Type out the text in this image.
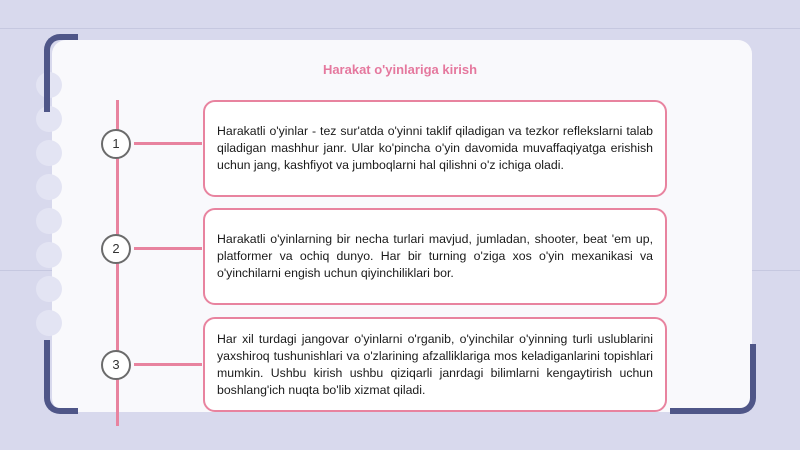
Harakat o'yinlariga kirish
1
2
3

Harakatli o'yinlar - tez sur'atda o'yinni taklif qiladigan va tezkor reflekslarni talab qiladigan mashhur janr. Ular ko'pincha o'yin davomida muvaffaqiyatga erishish uchun jang, kashfiyot va jumboqlarni hal qilishni o'z ichiga oladi.

Harakatli o'yinlarning bir necha turlari mavjud, jumladan, shooter, beat 'em up, platformer va ochiq dunyo. Har bir turning o'ziga xos o'yin mexanikasi va o'yinchilarni engish uchun qiyinchiliklari bor.

Har xil turdagi jangovar o'yinlarni o'rganib, o'yinchilar o'yinning turli uslublarini yaxshiroq tushunishlari va o'zlarining afzalliklariga mos keladiganlarini topishlari mumkin. Ushbu kirish ushbu qiziqarli janrdagi bilimlarni kengaytirish uchun boshlang'ich nuqta bo'lib xizmat qiladi.
